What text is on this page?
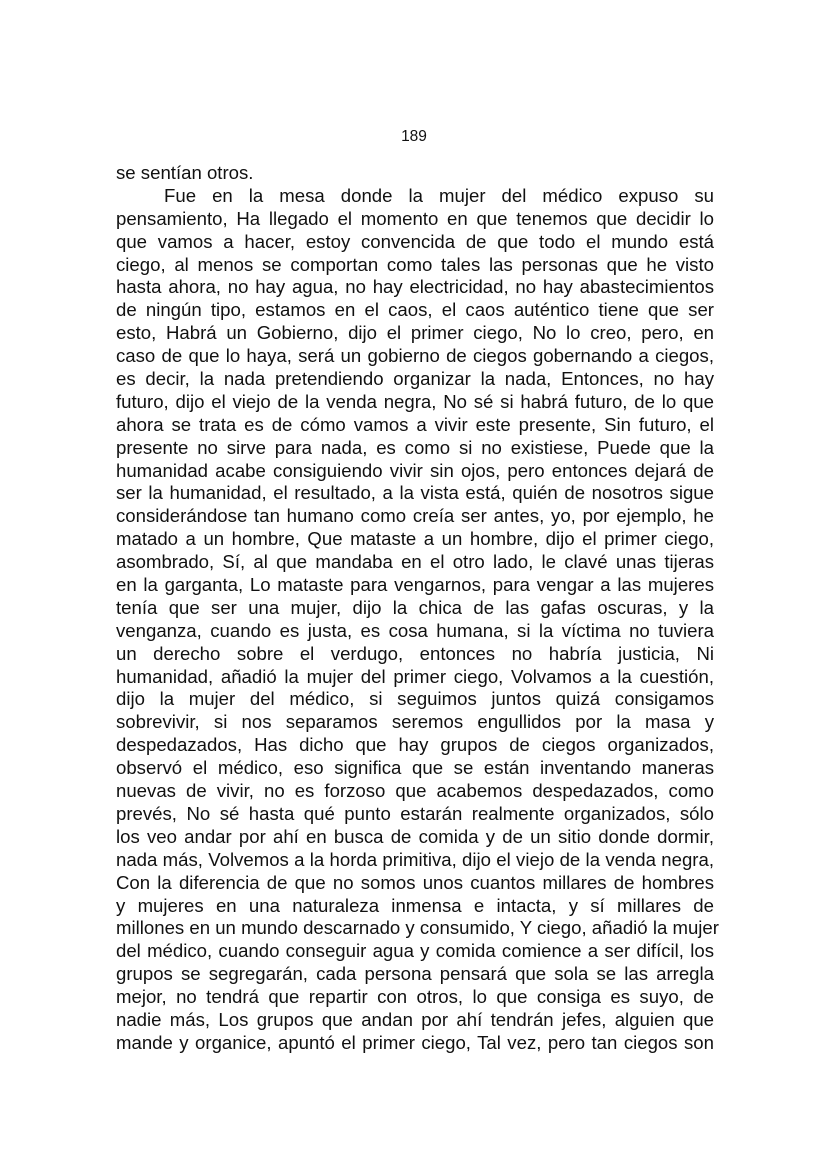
189
se sentían otros.
Fue en la mesa donde la mujer del médico expuso su
pensamiento, Ha llegado el momento en que tenemos que decidir lo
que vamos a hacer, estoy convencida de que todo el mundo está
ciego, al menos se comportan como tales las personas que he visto
hasta ahora, no hay agua, no hay electricidad, no hay abastecimientos
de ningún tipo, estamos en el caos, el caos auténtico tiene que ser
esto, Habrá un Gobierno, dijo el primer ciego, No lo creo, pero, en
caso de que lo haya, será un gobierno de ciegos gobernando a ciegos,
es decir, la nada pretendiendo organizar la nada, Entonces, no hay
futuro, dijo el viejo de la venda negra, No sé si habrá futuro, de lo que
ahora se trata es de cómo vamos a vivir este presente, Sin futuro, el
presente no sirve para nada, es como si no existiese, Puede que la
humanidad acabe consiguiendo vivir sin ojos, pero entonces dejará de
ser la humanidad, el resultado, a la vista está, quién de nosotros sigue
considerándose tan humano como creía ser antes, yo, por ejemplo, he
matado a un hombre, Que mataste a un hombre, dijo el primer ciego,
asombrado, Sí, al que mandaba en el otro lado, le clavé unas tijeras
en la garganta, Lo mataste para vengarnos, para vengar a las mujeres
tenía que ser una mujer, dijo la chica de las gafas oscuras, y la
venganza, cuando es justa, es cosa humana, si la víctima no tuviera
un derecho sobre el verdugo, entonces no habría justicia, Ni
humanidad, añadió la mujer del primer ciego, Volvamos a la cuestión,
dijo la mujer del médico, si seguimos juntos quizá consigamos
sobrevivir, si nos separamos seremos engullidos por la masa y
despedazados, Has dicho que hay grupos de ciegos organizados,
observó el médico, eso significa que se están inventando maneras
nuevas de vivir, no es forzoso que acabemos despedazados, como
prevés, No sé hasta qué punto estarán realmente organizados, sólo
los veo andar por ahí en busca de comida y de un sitio donde dormir,
nada más, Volvemos a la horda primitiva, dijo el viejo de la venda negra,
Con la diferencia de que no somos unos cuantos millares de hombres
y mujeres en una naturaleza inmensa e intacta, y sí millares de
millones en un mundo descarnado y consumido, Y ciego, añadió la mujer
del médico, cuando conseguir agua y comida comience a ser difícil, los
grupos se segregarán, cada persona pensará que sola se las arregla
mejor, no tendrá que repartir con otros, lo que consiga es suyo, de
nadie más, Los grupos que andan por ahí tendrán jefes, alguien que
mande y organice, apuntó el primer ciego, Tal vez, pero tan ciegos son
